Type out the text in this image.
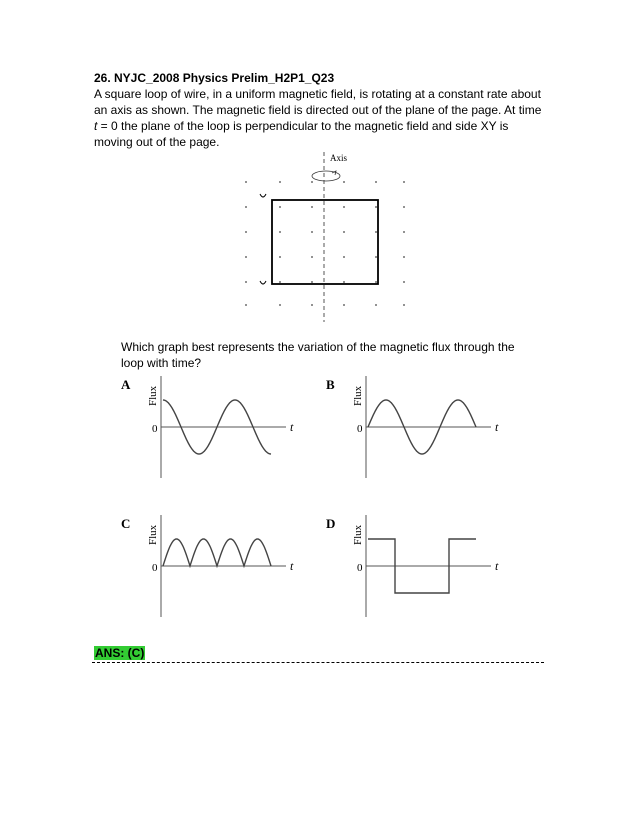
26. NYJC_2008 Physics Prelim_H2P1_Q23

A square loop of wire, in a uniform magnetic field, is rotating at a constant rate about an axis as shown. The magnetic field is directed out of the plane of the page. At time t = 0 the plane of the loop is perpendicular to the magnetic field and side XY is moving out of the page.

Axis

Which graph best represents the variation of the magnetic flux through the loop with time?

A
Flux
0	t
B
Flux
0	t
C
Flux
0	t
D
Flux
0	t
ANS: (C)
